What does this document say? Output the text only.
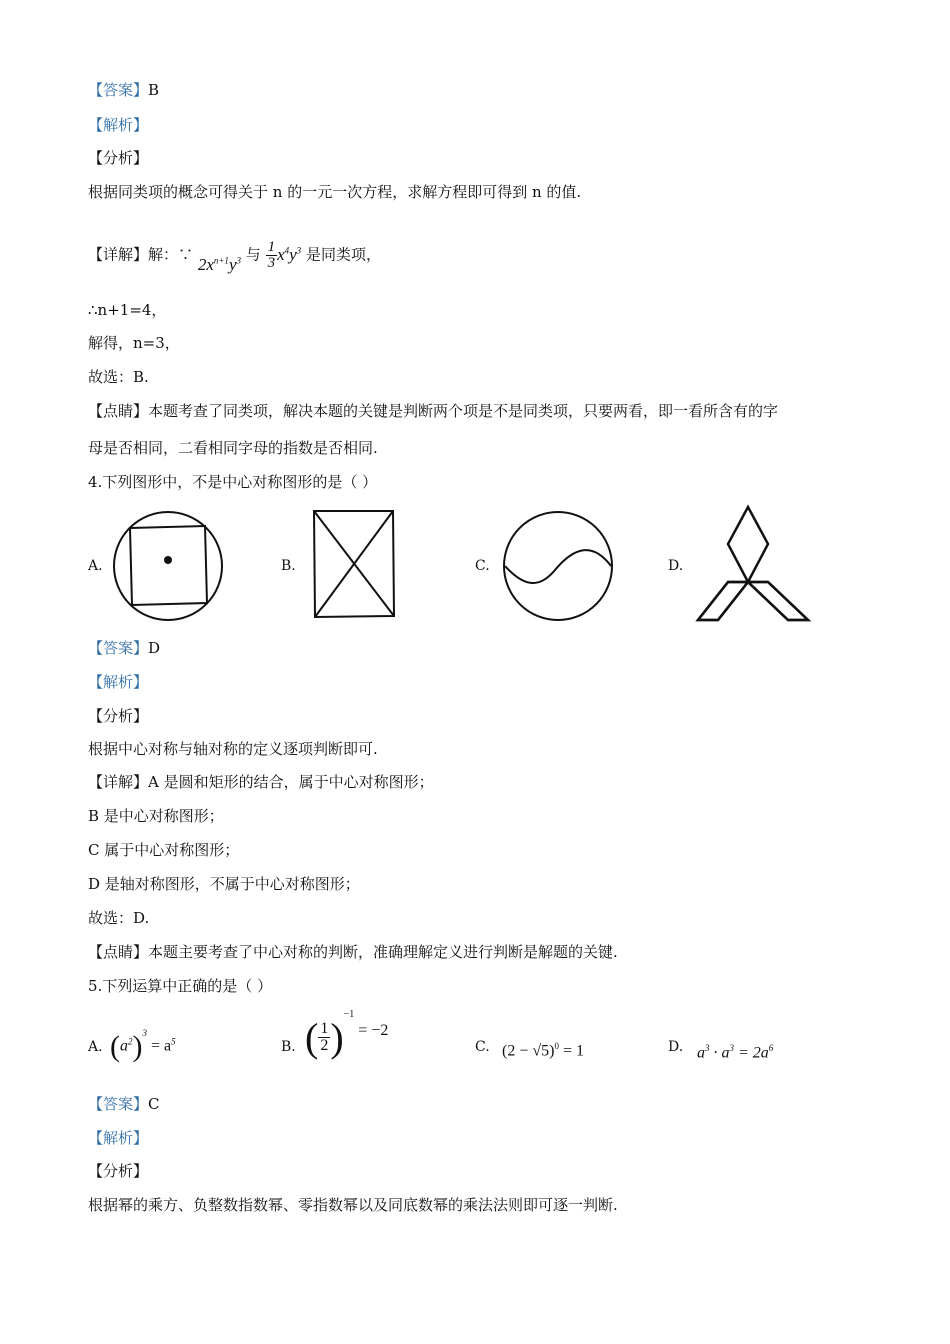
【答案】B
【解析】
【分析】
根据同类项的概念可得关于 n 的一元一次方程，求解方程即可得到 n 的值.
【详解】解：∵ $2x^{n+1}y^3$ 与 $\frac{1}{3} x^4y^3$ 是同类项，
∴n+1=4，
解得，n=3，
故选：B.
【点睛】本题考查了同类项，解决本题的关键是判断两个项是不是同类项，只要两看，即一看所含有的字
母是否相同，二看相同字母的指数是否相同.
4.下列图形中，不是中心对称图形的是（ ）
A.	B.	C.	D.
【答案】D
【解析】
【分析】
根据中心对称与轴对称的定义逐项判断即可.
【详解】A 是圆和矩形的结合，属于中心对称图形；
B 是中心对称图形；
C 属于中心对称图形；
D 是轴对称图形，不属于中心对称图形；
故选：D.
【点睛】本题主要考查了中心对称的判断，准确理解定义进行判断是解题的关键.
5.下列运算中正确的是（ ）
A. $(a^2)^3 = a^5$	B. ( $\frac{1}{2} )^{-1} = -2$
C. $(2 - √5)^0 = 1$	D. $a^3 \cdot a^3 = 2a^6$
【答案】C
【解析】
【分析】
根据幂的乘方、负整数指数幂、零指数幂以及同底数幂的乘法法则即可逐一判断.
